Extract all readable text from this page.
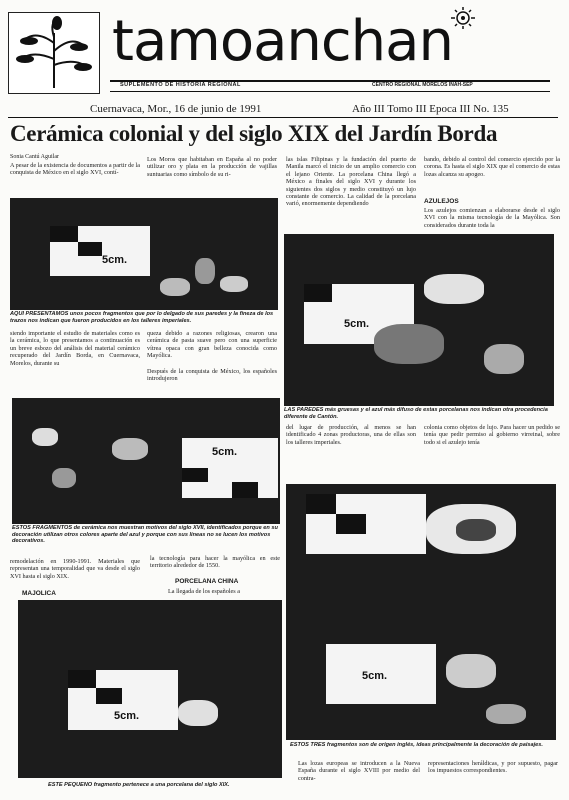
tamoanchan
SUPLEMENTO DE HISTORIA REGIONAL	CENTRO REGIONAL MORELOS INAH-SEP
Cuernavaca, Mor., 16 de junio de 1991	Año III Tomo III Epoca III No. 135
Cerámica colonial y del siglo XIX del Jardín Borda
Sonia Cantú Aguilar
A pesar de la existencia de documentos a partir de la conquista de México en el siglo XVI, contí-
Los Moros que habitaban en España al no poder utilizar oro y plata en la producción de vajillas suntuarias como símbolo de su ri-
las islas Filipinas y la fundación del puerto de Manila marcó el inicio de un amplio comercio con el lejano Oriente. La porcelana China llegó a México a finales del siglo XVI y durante los siguientes dos siglos y medio constituyó un lujo constante de comercio. La calidad de la porcelana varió, enormemente dependiendo
bando, debido al control del comercio ejercido por la corona. Es hasta el siglo XIX que el comercio de estas lozas alcanza su apogeo.
AZULEJOS
Los azulejos comienzan a elaborarse desde el siglo XVI con la misma tecnología de la Mayólica. Son considerados durante toda la
5cm.
AQUÍ PRESENTAMOS unos pocos fragmentos que por lo delgado de sus paredes y la fineza de los trazos nos indican que fueron producidos en los talleres imperiales.	5cm.
LAS PAREDES más gruesas y el azul más difuso de estas porcelanas nos indican otra procedencia diferente de Cantón.
siendo importante el estudio de materiales como es la cerámica, lo que presentamos a continuación es un breve esbozo del análisis del material cerámico recuperado del Jardín Borda, en Cuernavaca, Morelos, durante su
queza debido a razones religiosas, crearon una cerámica de pasta suave pero con una superficie vítrea opaca con gran belleza conocida como Mayólica.
Después de la conquista de México, los españoles introdujeron
5cm.
ESTOS FRAGMENTOS de cerámica nos muestran motivos del siglo XVII, identificados porque en su decoración utilizan otros colores aparte del azul y porque con sus líneas no se lucen los motivos decorativos.
del lugar de producción, al menos se han identificado 4 zonas productoras, una de ellas son los talleres imperiales.
colonia como objetos de lujo. Para hacer un pedido se tenía que pedir permiso al gobierno virreinal, sobre todo si el azulejo tenía
5cm.
ESTOS TRES fragmentos son de origen inglés, ideas principalmente la decoración de paisajes.
remodelación en 1990-1991. Materiales que representan una temporalidad que va desde el siglo XVI hasta el siglo XIX.
MAJOLICA
la tecnología para hacer la mayólica en este territorio alrededor de 1550.
PORCELANA CHINA
La llegada de los españoles a
5cm.
ESTE PEQUEÑO fragmento pertenece a una porcelana del siglo XIX.
Las lozas europeas se introducen a la Nueva España durante el siglo XVIII por medio del contra-
representaciones heráldicas, y por supuesto, pagar los impuestos correspondientes.
